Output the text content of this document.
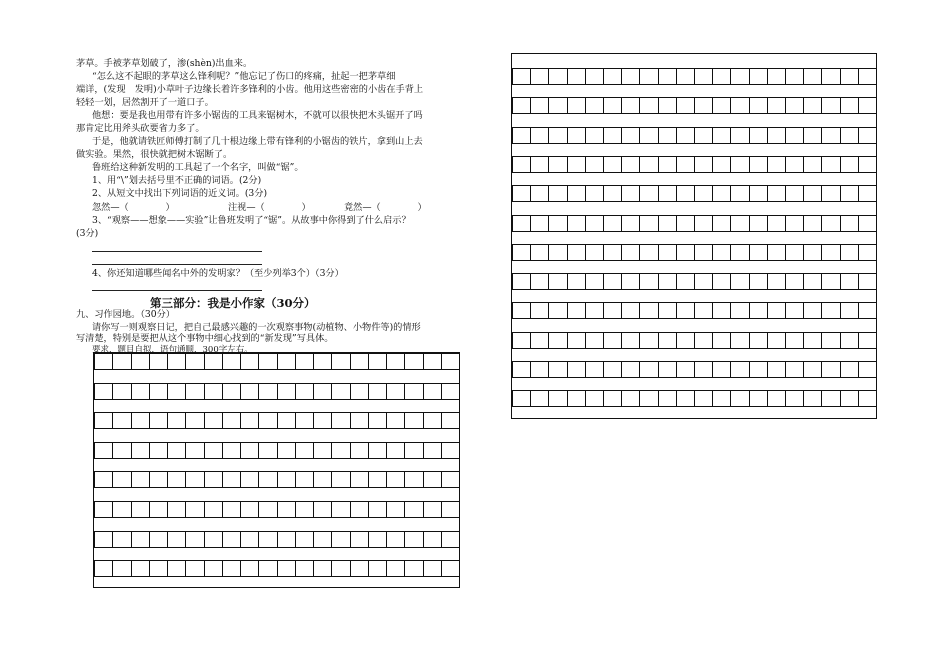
茅草。手被茅草划破了，渗(shèn)出血来。
“怎么这不起眼的茅草这么锋利呢？”他忘记了伤口的疼痛，扯起一把茅草细
端详，(发现　发明)小草叶子边缘长着许多锋利的小齿。他用这些密密的小齿在手背上
轻轻一划，居然割开了一道口子。
他想：要是我也用带有许多小锯齿的工具来锯树木，不就可以很快把木头锯开了吗
那肯定比用斧头砍要省力多了。
于是，他就请铁匠师傅打制了几十根边缘上带有锋利的小锯齿的铁片，拿到山上去
做实验。果然，很快就把树木锯断了。
鲁班给这种新发明的工具起了一个名字，叫做“锯”。
1、用“\”划去括号里不正确的词语。(2分)
2、从短文中找出下列词语的近义词。(3分)
忽然—（　　　　）	注视—（　　　　）	竟然—（　　　　）
3、“观察——想象——实验”让鲁班发明了“锯”。从故事中你得到了什么启示？
(3分)
4、你还知道哪些闻名中外的发明家？（至少列举3个）（3分）
第三部分：我是小作家（30分）
九、习作园地。（30分）
请你写一则观察日记，把自己最感兴趣的一次观察事物(动植物、小物件等)的情形
写清楚，特别是要把从这个事物中细心找到的“新发现”写具体。
要求，题目自拟，语句通顺，300字左右。
